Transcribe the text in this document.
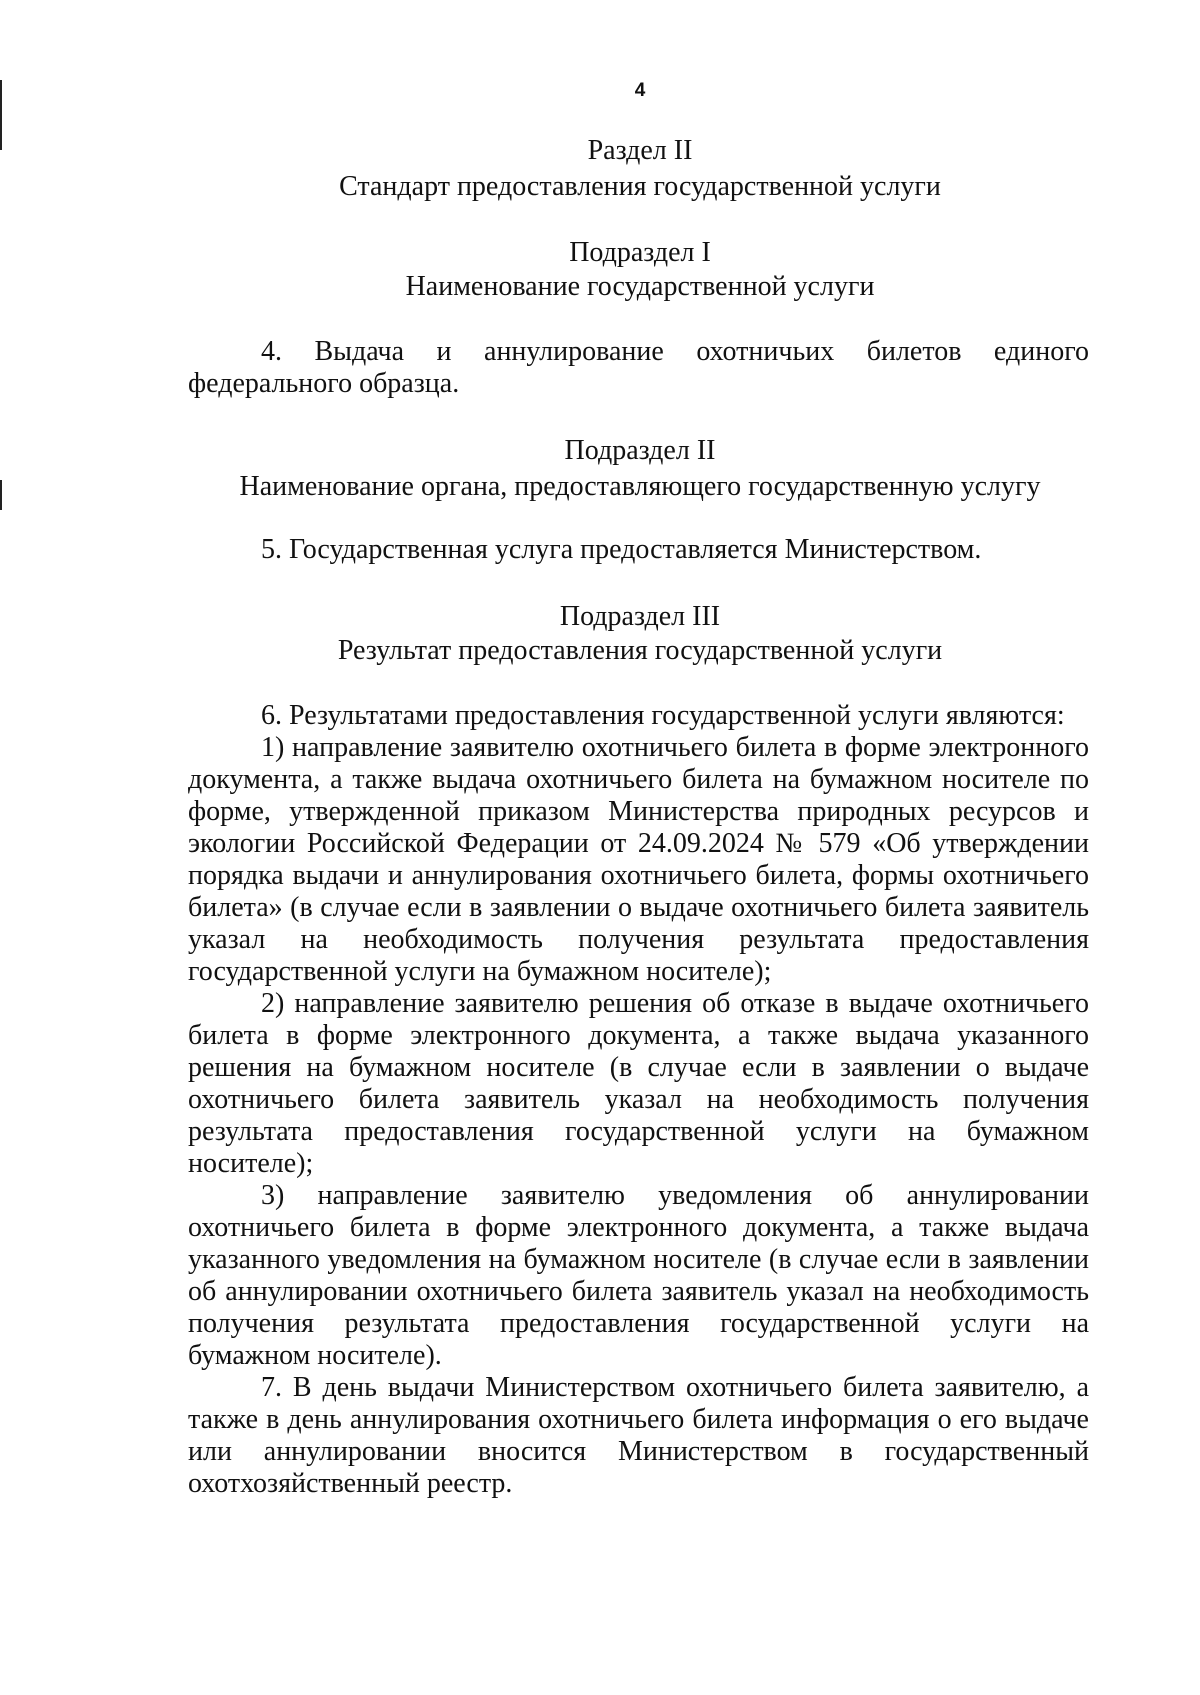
4
Раздел II
Стандарт предоставления государственной услуги
Подраздел I
Наименование государственной услуги

4. Выдача и аннулирование охотничьих билетов единого федерального образца.

Подраздел II
Наименование органа, предоставляющего государственную услугу

5. Государственная услуга предоставляется Министерством.

Подраздел III
Результат предоставления государственной услуги

6. Результатами предоставления государственной услуги являются:

1) направление заявителю охотничьего билета в форме электронного документа, а также выдача охотничьего билета на бумажном носителе по форме, утвержденной приказом Министерства природных ресурсов и экологии Российской Федерации от 24.09.2024 № 579 «Об утверждении порядка выдачи и аннулирования охотничьего билета, формы охотничьего билета» (в случае если в заявлении о выдаче охотничьего билета заявитель указал на необходимость получения результата предоставления государственной услуги на бумажном носителе);

2) направление заявителю решения об отказе в выдаче охотничьего билета в форме электронного документа, а также выдача указанного решения на бумажном носителе (в случае если в заявлении о выдаче охотничьего билета заявитель указал на необходимость получения результата предоставления государственной услуги на бумажном носителе);

3) направление заявителю уведомления об аннулировании охотничьего билета в форме электронного документа, а также выдача указанного уведомления на бумажном носителе (в случае если в заявлении об аннулировании охотничьего билета заявитель указал на необходимость получения результата предоставления государственной услуги на бумажном носителе).

7. В день выдачи Министерством охотничьего билета заявителю, а также в день аннулирования охотничьего билета информация о его выдаче или аннулировании вносится Министерством в государственный охотхозяйственный реестр.
